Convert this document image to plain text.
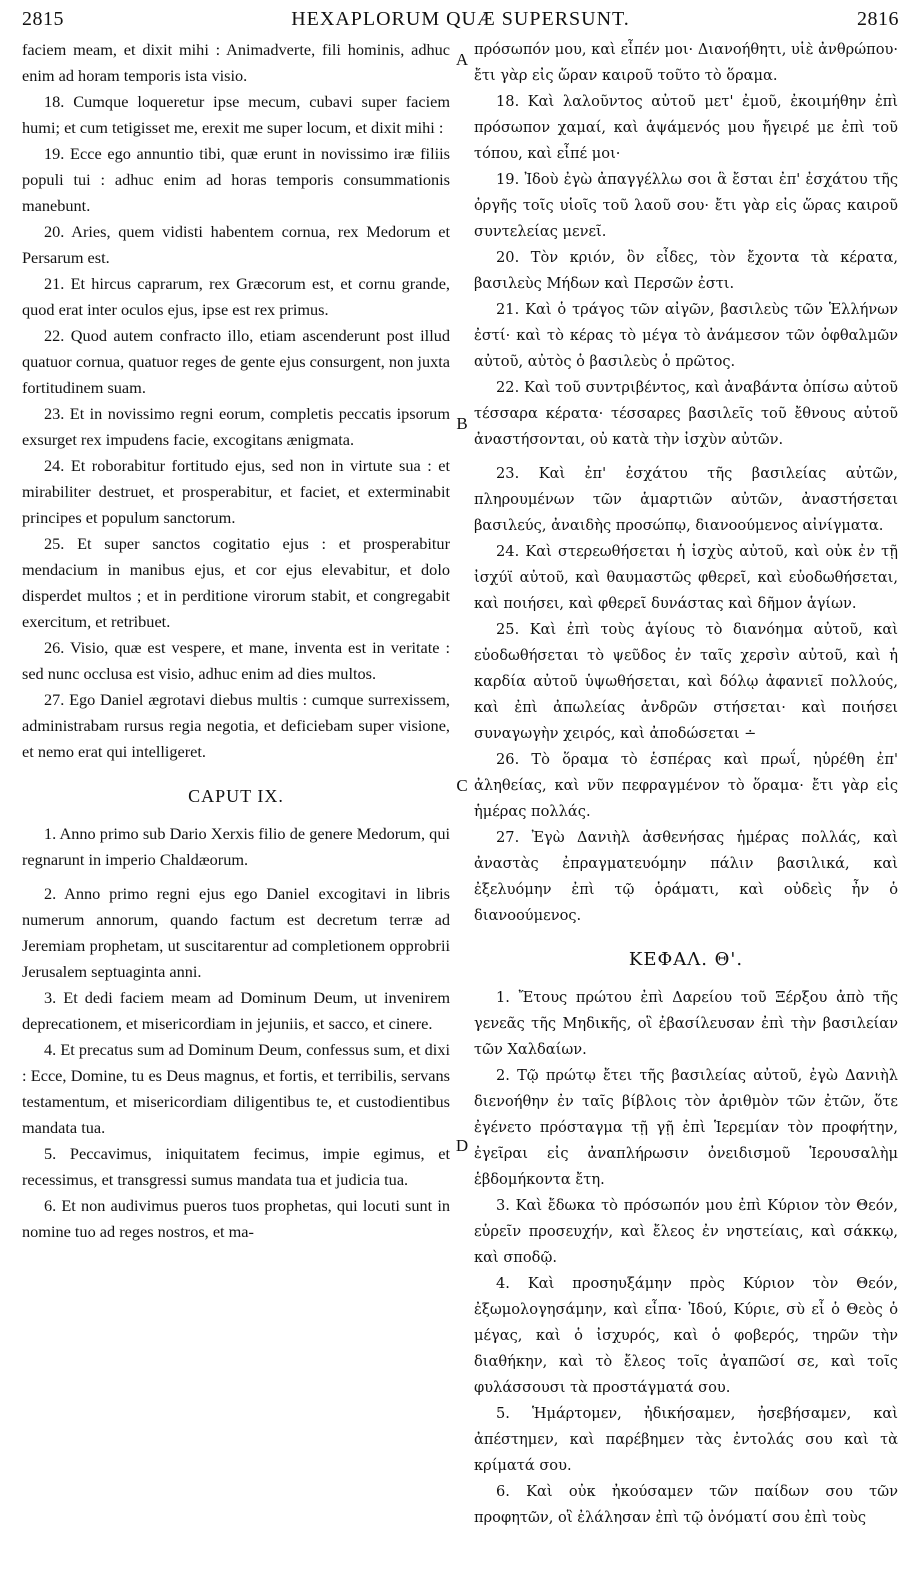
2815	HEXAPLORUM QUÆ SUPERSUNT.	2816

faciem meam, et dixit mihi : Animadverte, fili hominis, adhuc enim ad horam temporis ista visio.

18. Cumque loqueretur ipse mecum, cubavi super faciem humi; et cum tetigisset me, erexit me super locum, et dixit mihi :

19. Ecce ego annuntio tibi, quæ erunt in novissimo iræ filiis populi tui : adhuc enim ad horas temporis consummationis manebunt.

20. Aries, quem vidisti habentem cornua, rex Medorum et Persarum est.

21. Et hircus caprarum, rex Græcorum est, et cornu grande, quod erat inter oculos ejus, ipse est rex primus.

22. Quod autem confracto illo, etiam ascenderunt post illud quatuor cornua, quatuor reges de gente ejus consurgent, non juxta fortitudinem suam.

23. Et in novissimo regni eorum, completis peccatis ipsorum exsurget rex impudens facie, excogitans ænigmata.

24. Et roborabitur fortitudo ejus, sed non in virtute sua : et mirabiliter destruet, et prosperabitur, et faciet, et exterminabit principes et populum sanctorum.

25. Et super sanctos cogitatio ejus : et prosperabitur mendacium in manibus ejus, et cor ejus elevabitur, et dolo disperdet multos ; et in perditione virorum stabit, et congregabit exercitum, et retribuet.

26. Visio, quæ est vespere, et mane, inventa est in veritate : sed nunc occlusa est visio, adhuc enim ad dies multos.

27. Ego Daniel ægrotavi diebus multis : cumque surrexissem, administrabam rursus regia negotia, et deficiebam super visione, et nemo erat qui intelligeret.

CAPUT IX.

1. Anno primo sub Dario Xerxis filio de genere Medorum, qui regnarunt in imperio Chaldæorum.

2. Anno primo regni ejus ego Daniel excogitavi in libris numerum annorum, quando factum est decretum terræ ad Jeremiam prophetam, ut suscitarentur ad completionem opprobrii Jerusalem septuaginta anni.

3. Et dedi faciem meam ad Dominum Deum, ut invenirem deprecationem, et misericordiam in jejuniis, et sacco, et cinere.

4. Et precatus sum ad Dominum Deum, confessus sum, et dixi : Ecce, Domine, tu es Deus magnus, et fortis, et terribilis, servans testamentum, et misericordiam diligentibus te, et custodientibus mandata tua.

5. Peccavimus, iniquitatem fecimus, impie egimus, et recessimus, et transgressi sumus mandata tua et judicia tua.

6. Et non audivimus pueros tuos prophetas, qui locuti sunt in nomine tuo ad reges nostros, et ma-

A
B
C
D

πρόσωπόν μου, καὶ εἶπέν μοι· Διανοήθητι, υἱὲ ἀνθρώπου· ἔτι γὰρ εἰς ὥραν καιροῦ τοῦτο τὸ ὅραμα.

18. Καὶ λαλοῦντος αὐτοῦ μετ' ἐμοῦ, ἐκοιμήθην ἐπὶ πρόσωπον χαμαί, καὶ ἁψάμενός μου ἤγειρέ με ἐπὶ τοῦ τόπου, καὶ εἶπέ μοι·

19. Ἰδοὺ ἐγὼ ἀπαγγέλλω σοι ἃ ἔσται ἐπ' ἐσχάτου τῆς ὀργῆς τοῖς υἱοῖς τοῦ λαοῦ σου· ἔτι γὰρ εἰς ὥρας καιροῦ συντελείας μενεῖ.

20. Τὸν κριόν, ὃν εἶδες, τὸν ἔχοντα τὰ κέρατα, βασιλεὺς Μήδων καὶ Περσῶν ἐστι.

21. Καὶ ὁ τράγος τῶν αἰγῶν, βασιλεὺς τῶν Ἑλλήνων ἐστί· καὶ τὸ κέρας τὸ μέγα τὸ ἀνάμεσον τῶν ὀφθαλμῶν αὐτοῦ, αὐτὸς ὁ βασιλεὺς ὁ πρῶτος.

22. Καὶ τοῦ συντριβέντος, καὶ ἀναβάντα ὀπίσω αὐτοῦ τέσσαρα κέρατα· τέσσαρες βασιλεῖς τοῦ ἔθνους αὐτοῦ ἀναστήσονται, οὐ κατὰ τὴν ἰσχὺν αὐτῶν.

23. Καὶ ἐπ' ἐσχάτου τῆς βασιλείας αὐτῶν, πληρουμένων τῶν ἁμαρτιῶν αὐτῶν, ἀναστήσεται βασιλεύς, ἀναιδὴς προσώπῳ, διανοούμενος αἰνίγματα.

24. Καὶ στερεωθήσεται ἡ ἰσχὺς αὐτοῦ, καὶ οὐκ ἐν τῇ ἰσχύϊ αὐτοῦ, καὶ θαυμαστῶς φθερεῖ, καὶ εὐοδωθήσεται, καὶ ποιήσει, καὶ φθερεῖ δυνάστας καὶ δῆμον ἁγίων.

25. Καὶ ἐπὶ τοὺς ἁγίους τὸ διανόημα αὐτοῦ, καὶ εὐοδωθήσεται τὸ ψεῦδος ἐν ταῖς χερσὶν αὐτοῦ, καὶ ἡ καρδία αὐτοῦ ὑψωθήσεται, καὶ δόλῳ ἀφανιεῖ πολλούς, καὶ ἐπὶ ἀπωλείας ἀνδρῶν στήσεται· καὶ ποιήσει συναγωγὴν χειρός, καὶ ἀποδώσεται ∸

26. Τὸ ὅραμα τὸ ἑσπέρας καὶ πρωΐ, ηὑρέθη ἐπ' ἀληθείας, καὶ νῦν πεφραγμένον τὸ ὅραμα· ἔτι γὰρ εἰς ἡμέρας πολλάς.

27. Ἐγὼ Δανιὴλ ἀσθενήσας ἡμέρας πολλάς, καὶ ἀναστὰς ἐπραγματευόμην πάλιν βασιλικά, καὶ ἐξελυόμην ἐπὶ τῷ ὁράματι, καὶ οὐδεὶς ἦν ὁ διανοούμενος.

ΚΕΦΑΛ. Θ'.

1. Ἔτους πρώτου ἐπὶ Δαρείου τοῦ Ξέρξου ἀπὸ τῆς γενεᾶς τῆς Μηδικῆς, οἳ ἐβασίλευσαν ἐπὶ τὴν βασιλείαν τῶν Χαλδαίων.

2. Τῷ πρώτῳ ἔτει τῆς βασιλείας αὐτοῦ, ἐγὼ Δανιὴλ διενοήθην ἐν ταῖς βίβλοις τὸν ἀριθμὸν τῶν ἐτῶν, ὅτε ἐγένετο πρόσταγμα τῇ γῇ ἐπὶ Ἱερεμίαν τὸν προφήτην, ἐγεῖραι εἰς ἀναπλήρωσιν ὀνειδισμοῦ Ἱερουσαλὴμ ἑβδομήκοντα ἔτη.

3. Καὶ ἔδωκα τὸ πρόσωπόν μου ἐπὶ Κύριον τὸν Θεόν, εὑρεῖν προσευχήν, καὶ ἔλεος ἐν νηστείαις, καὶ σάκκῳ, καὶ σποδῷ.

4. Καὶ προσηυξάμην πρὸς Κύριον τὸν Θεόν, ἐξωμολογησάμην, καὶ εἶπα· Ἰδού, Κύριε, σὺ εἶ ὁ Θεὸς ὁ μέγας, καὶ ὁ ἰσχυρός, καὶ ὁ φοβερός, τηρῶν τὴν διαθήκην, καὶ τὸ ἔλεος τοῖς ἀγαπῶσί σε, καὶ τοῖς φυλάσσουσι τὰ προστάγματά σου.

5. Ἡμάρτομεν, ἠδικήσαμεν, ἠσεβήσαμεν, καὶ ἀπέστημεν, καὶ παρέβημεν τὰς ἐντολάς σου καὶ τὰ κρίματά σου.

6. Καὶ οὐκ ἠκούσαμεν τῶν παίδων σου τῶν προφητῶν, οἳ ἐλάλησαν ἐπὶ τῷ ὀνόματί σου ἐπὶ τοὺς
